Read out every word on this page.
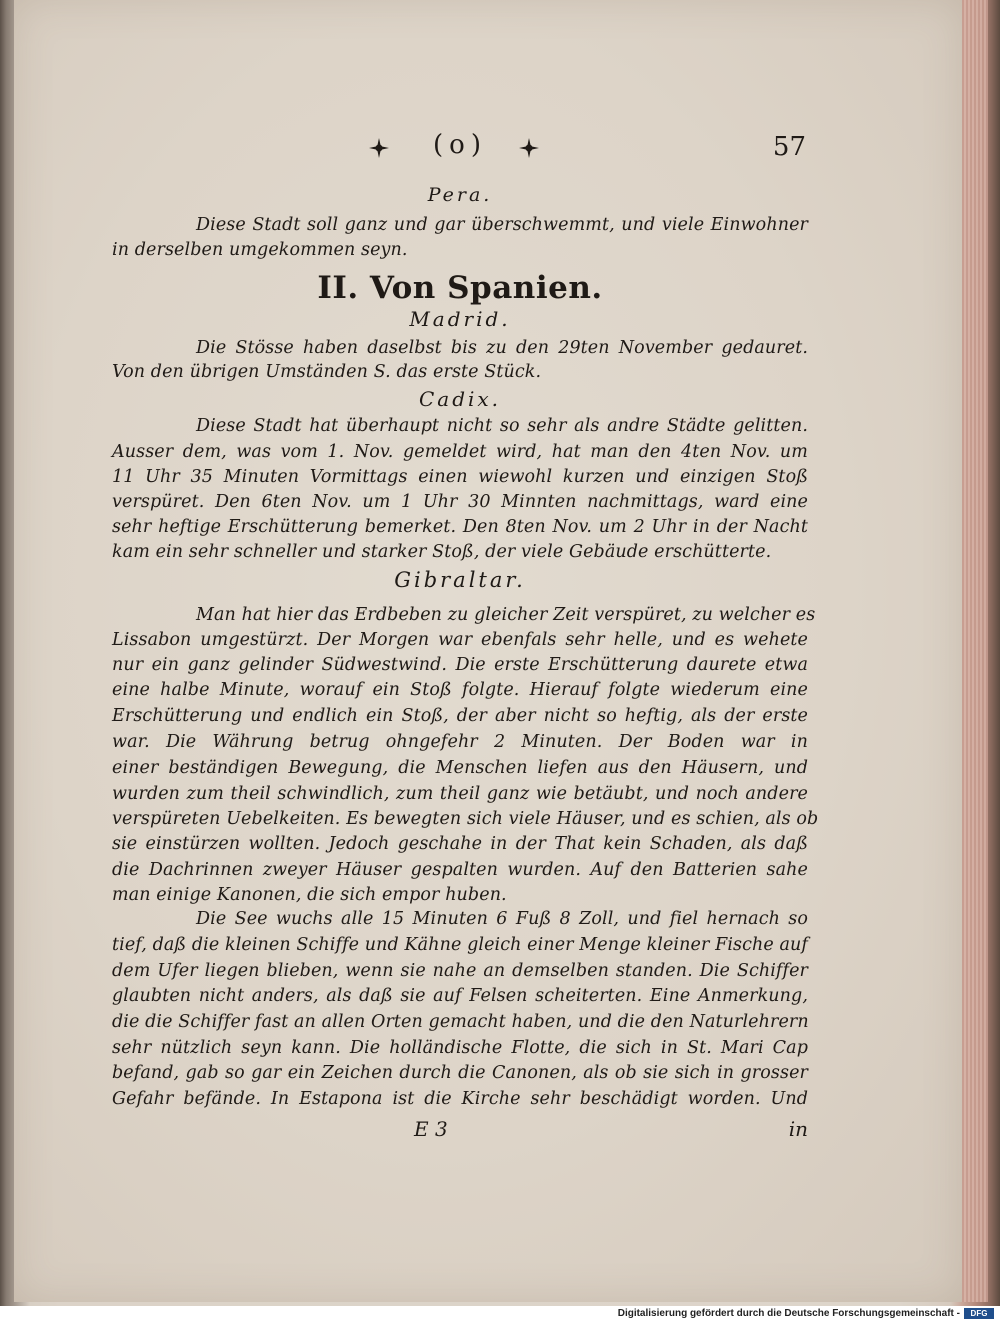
(o)	57
Pera.
Diese Stadt soll ganz und gar überschwemmt, und viele Einwohner
in derselben umgekommen seyn.
II. Von Spanien.
Madrid.
Die Stösse haben daselbst bis zu den 29ten November gedauret.
Von den übrigen Umständen S. das erste Stück.
Cadix.
Diese Stadt hat überhaupt nicht so sehr als andre Städte gelitten.
Ausser dem, was vom 1. Nov. gemeldet wird, hat man den 4ten Nov. um
11 Uhr 35 Minuten Vormittags einen wiewohl kurzen und einzigen Stoß
verspüret. Den 6ten Nov. um 1 Uhr 30 Minnten nachmittags, ward eine
sehr heftige Erschütterung bemerket. Den 8ten Nov. um 2 Uhr in der Nacht
kam ein sehr schneller und starker Stoß, der viele Gebäude erschütterte.
Gibraltar.
Man hat hier das Erdbeben zu gleicher Zeit verspüret, zu welcher es
Lissabon umgestürzt. Der Morgen war ebenfals sehr helle, und es wehete
nur ein ganz gelinder Südwestwind. Die erste Erschütterung daurete etwa
eine halbe Minute, worauf ein Stoß folgte. Hierauf folgte wiederum eine
Erschütterung und endlich ein Stoß, der aber nicht so heftig, als der erste
war. Die Währung betrug ohngefehr 2 Minuten. Der Boden war in
einer beständigen Bewegung, die Menschen liefen aus den Häusern, und
wurden zum theil schwindlich, zum theil ganz wie betäubt, und noch andere
verspüreten Uebelkeiten. Es bewegten sich viele Häuser, und es schien, als ob
sie einstürzen wollten. Jedoch geschahe in der That kein Schaden, als daß
die Dachrinnen zweyer Häuser gespalten wurden. Auf den Batterien sahe
man einige Kanonen, die sich empor huben.
Die See wuchs alle 15 Minuten 6 Fuß 8 Zoll, und fiel hernach so
tief, daß die kleinen Schiffe und Kähne gleich einer Menge kleiner Fische auf
dem Ufer liegen blieben, wenn sie nahe an demselben standen. Die Schiffer
glaubten nicht anders, als daß sie auf Felsen scheiterten. Eine Anmerkung,
die die Schiffer fast an allen Orten gemacht haben, und die den Naturlehrern
sehr nützlich seyn kann. Die holländische Flotte, die sich in St. Mari Cap
befand, gab so gar ein Zeichen durch die Canonen, als ob sie sich in grosser
Gefahr befände. In Estapona ist die Kirche sehr beschädigt worden. Und
E 3	in
Digitalisierung gefördert durch die Deutsche Forschungsgemeinschaft -	DFG
